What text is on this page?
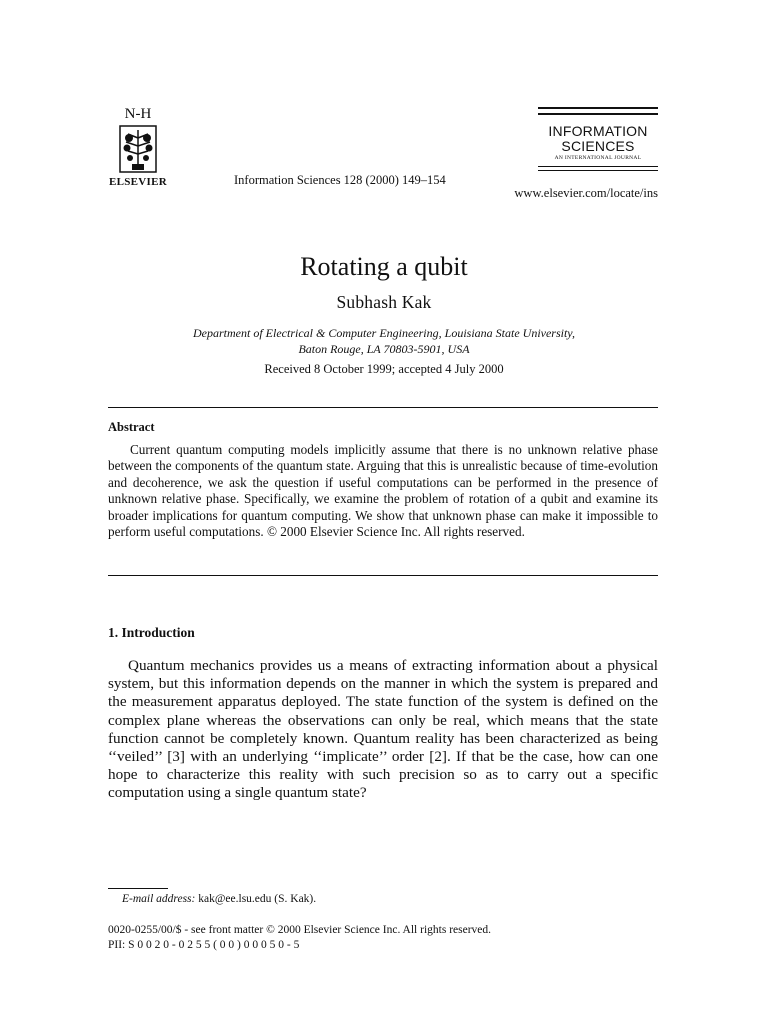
N-H
ELSEVIER	Information Sciences 128 (2000) 149–154
INFORMATION
SCIENCES
AN INTERNATIONAL JOURNAL
www.elsevier.com/locate/ins
Rotating a qubit
Subhash Kak
Department of Electrical & Computer Engineering, Louisiana State University,
Baton Rouge, LA 70803-5901, USA
Received 8 October 1999; accepted 4 July 2000
Abstract
Current quantum computing models implicitly assume that there is no unknown relative phase between the components of the quantum state. Arguing that this is unrealistic because of time-evolution and decoherence, we ask the question if useful computations can be performed in the presence of unknown relative phase. Specifically, we examine the problem of rotation of a qubit and examine its broader implications for quantum computing. We show that unknown phase can make it impossible to perform useful computations. © 2000 Elsevier Science Inc. All rights reserved.
1. Introduction
Quantum mechanics provides us a means of extracting information about a physical system, but this information depends on the manner in which the system is prepared and the measurement apparatus deployed. The state function of the system is defined on the complex plane whereas the observations can only be real, which means that the state function cannot be completely known. Quantum reality has been characterized as being ‘‘veiled’’ [3] with an underlying ‘‘implicate’’ order [2]. If that be the case, how can one hope to characterize this reality with such precision so as to carry out a specific computation using a single quantum state?
E-mail address: kak@ee.lsu.edu (S. Kak).
0020-0255/00/$ - see front matter © 2000 Elsevier Science Inc. All rights reserved.
PII: S 0 0 2 0 - 0 2 5 5 ( 0 0 ) 0 0 0 5 0 - 5
